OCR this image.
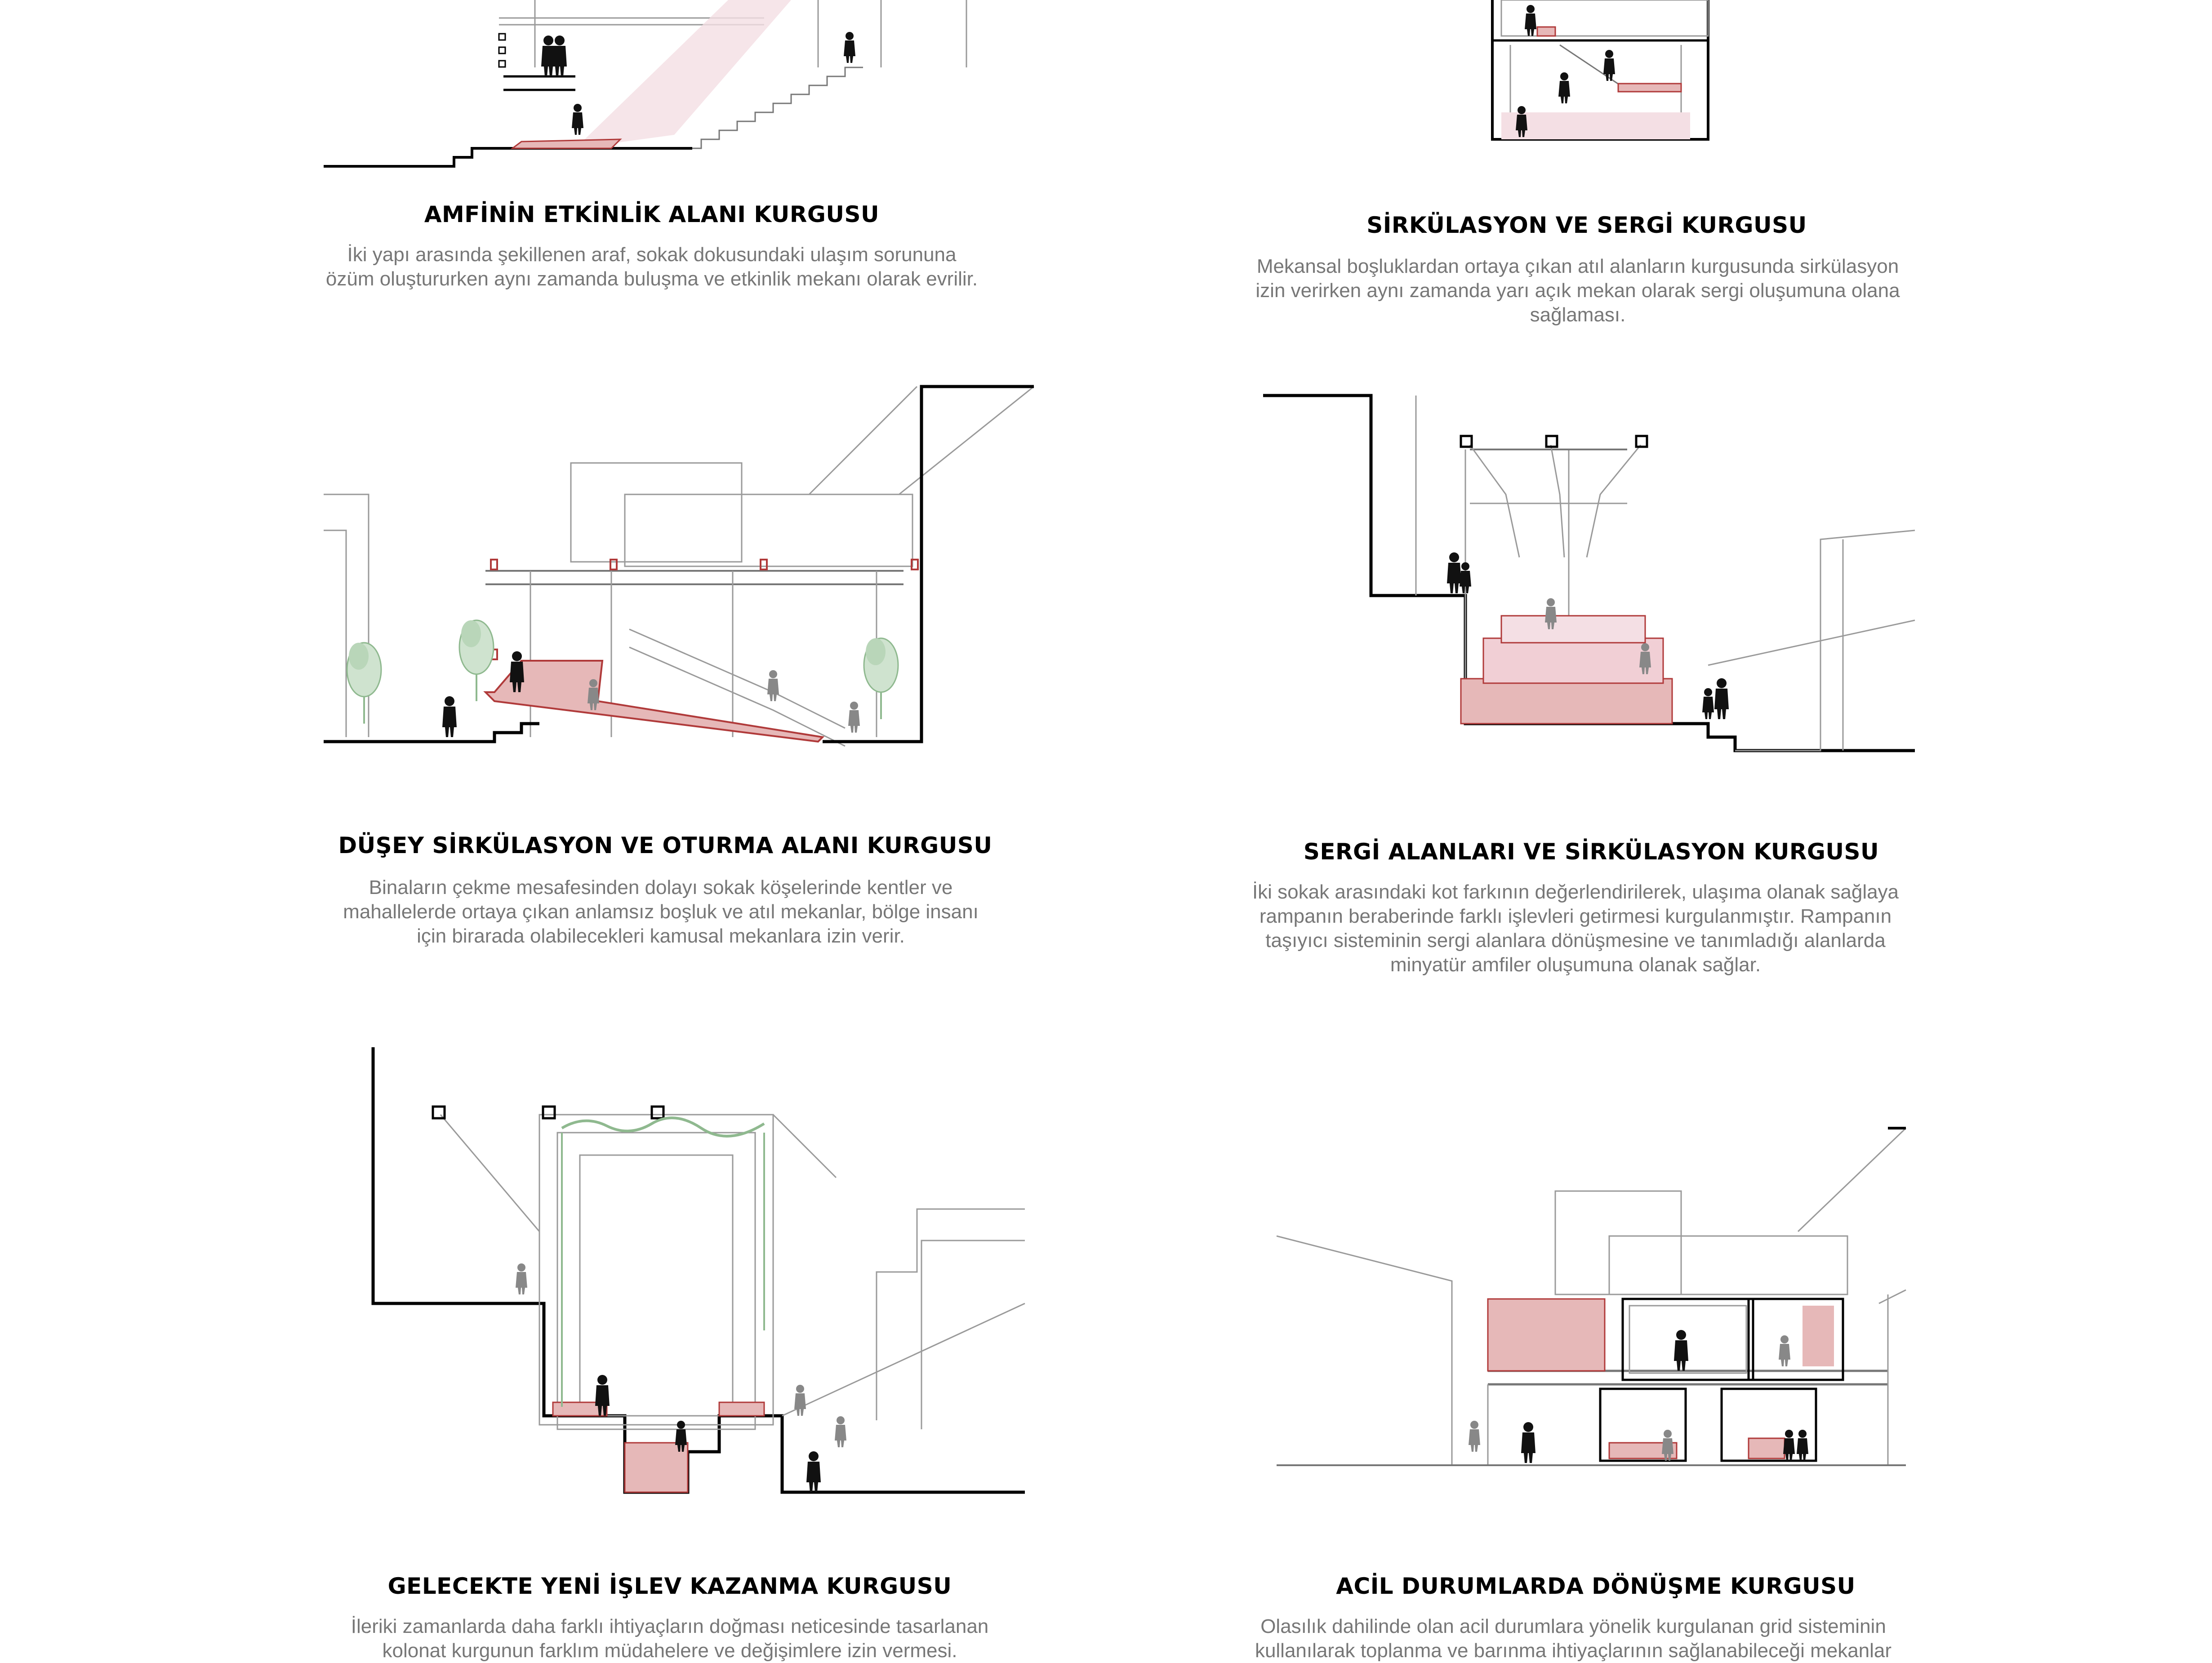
AMFİNİN ETKİNLİK ALANI KURGUSU
İki yapı arasında şekillenen araf, sokak dokusundaki ulaşım sorununa
özüm oluştururken aynı zamanda buluşma ve etkinlik mekanı olarak evrilir.
SİRKÜLASYON VE SERGİ KURGUSU
Mekansal boşluklardan ortaya çıkan atıl alanların kurgusunda sirkülasyon
izin verirken aynı zamanda yarı açık mekan olarak sergi oluşumuna olana
sağlaması.
DÜŞEY SİRKÜLASYON VE OTURMA ALANI KURGUSU
Binaların çekme mesafesinden dolayı sokak köşelerinde kentler ve
mahallelerde ortaya çıkan anlamsız boşluk ve atıl mekanlar, bölge insanı
için birarada olabilecekleri kamusal mekanlara izin verir.
SERGİ ALANLARI VE SİRKÜLASYON KURGUSU
İki sokak arasındaki kot farkının değerlendirilerek, ulaşıma olanak sağlaya
rampanın beraberinde farklı işlevleri getirmesi kurgulanmıştır. Rampanın
taşıyıcı sisteminin sergi alanlara dönüşmesine ve tanımladığı alanlarda
minyatür amfiler oluşumuna olanak sağlar.
GELECEKTE YENİ İŞLEV KAZANMA KURGUSU
İleriki zamanlarda daha farklı ihtiyaçların doğması neticesinde tasarlanan
kolonat kurgunun farklım müdahelere ve değişimlere izin vermesi.
ACİL DURUMLARDA DÖNÜŞME KURGUSU
Olasılık dahilinde olan acil durumlara yönelik kurgulanan grid sisteminin
kullanılarak toplanma ve barınma ihtiyaçlarının sağlanabileceği mekanlar
